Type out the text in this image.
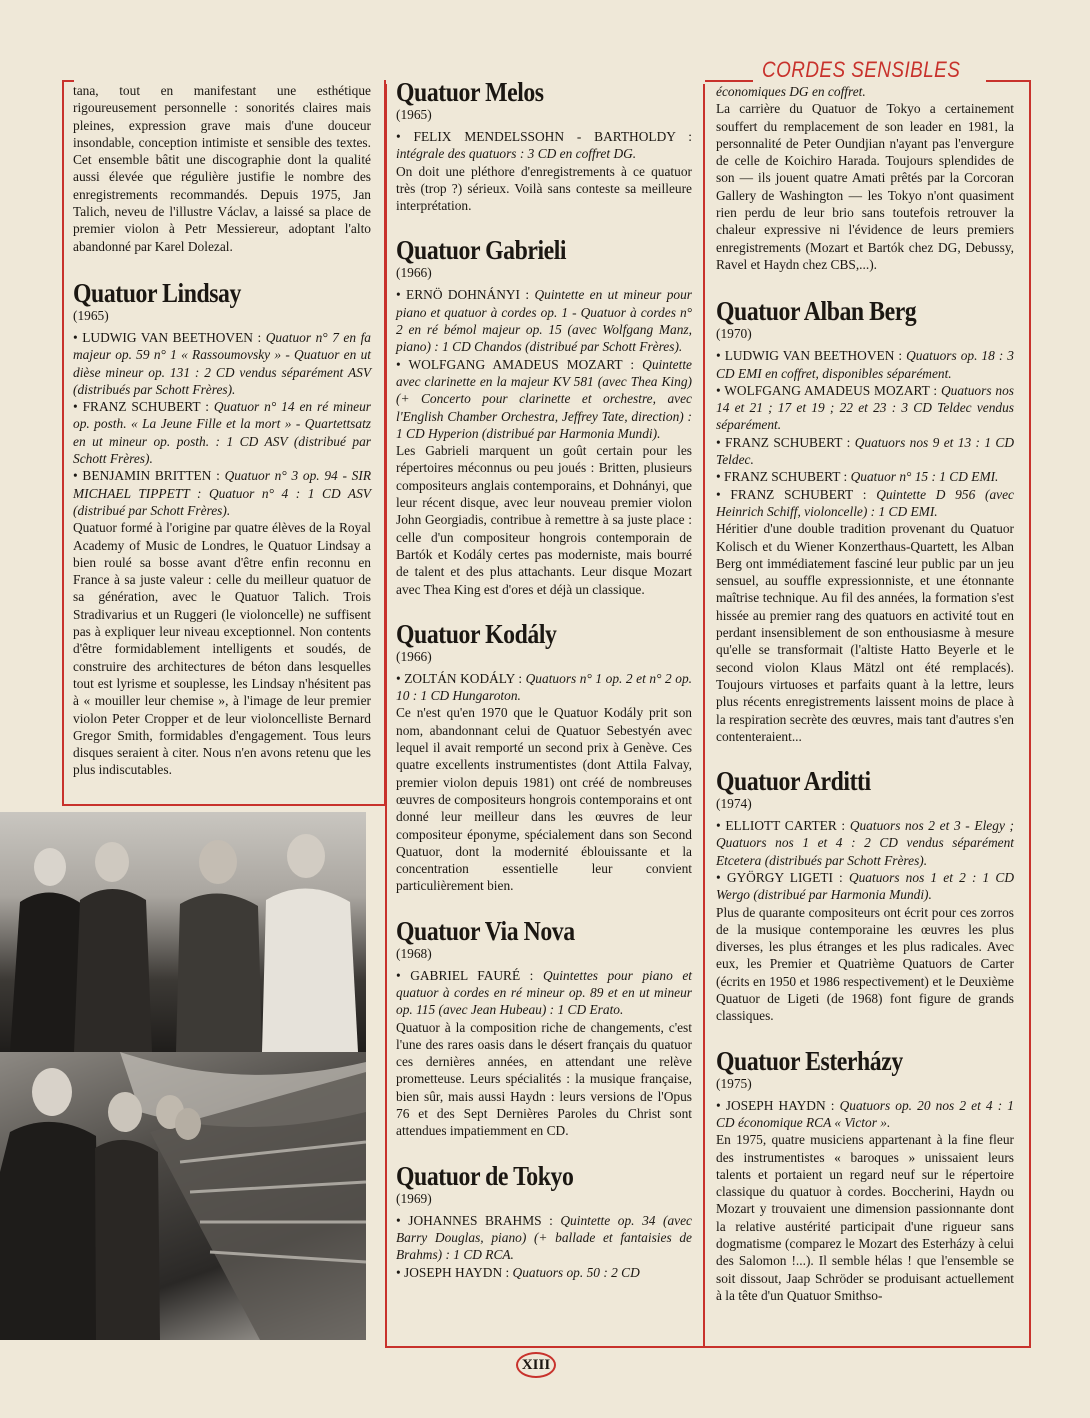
CORDES SENSIBLES
XIII

tana, tout en manifestant une esthétique rigoureusement personnelle : sonorités claires mais pleines, expression grave mais d'une douceur insondable, conception intimiste et sensible des textes. Cet ensemble bâtit une discographie dont la qualité aussi élevée que régulière justifie le nombre des enregistrements recommandés. Depuis 1975, Jan Talich, neveu de l'illustre Václav, a laissé sa place de premier violon à Petr Messiereur, adoptant l'alto abandonné par Karel Dolezal.

Quatuor Lindsay
(1965)

• LUDWIG VAN BEETHOVEN : Quatuor n° 7 en fa majeur op. 59 n° 1 « Rassoumovsky » - Quatuor en ut dièse mineur op. 131 : 2 CD vendus séparément ASV (distribués par Schott Frères).

• FRANZ SCHUBERT : Quatuor n° 14 en ré mineur op. posth. « La Jeune Fille et la mort » - Quartettsatz en ut mineur op. posth. : 1 CD ASV (distribué par Schott Frères).

• BENJAMIN BRITTEN : Quatuor n° 3 op. 94 - SIR MICHAEL TIPPETT : Quatuor n° 4 : 1 CD ASV (distribué par Schott Frères).

Quatuor formé à l'origine par quatre élèves de la Royal Academy of Music de Londres, le Quatuor Lindsay a bien roulé sa bosse avant d'être enfin reconnu en France à sa juste valeur : celle du meilleur quatuor de sa génération, avec le Quatuor Talich. Trois Stradivarius et un Ruggeri (le violoncelle) ne suffisent pas à expliquer leur niveau exceptionnel. Non contents d'être formidablement intelligents et soudés, de construire des architectures de béton dans lesquelles tout est lyrisme et souplesse, les Lindsay n'hésitent pas à « mouiller leur chemise », à l'image de leur premier violon Peter Cropper et de leur violoncelliste Bernard Gregor Smith, formidables d'engagement. Tous leurs disques seraient à citer. Nous n'en avons retenu que les plus indiscutables.

Quatuor Melos
(1965)

• FELIX MENDELSSOHN - BARTHOLDY : intégrale des quatuors : 3 CD en coffret DG.

On doit une pléthore d'enregistrements à ce quatuor très (trop ?) sérieux. Voilà sans conteste sa meilleure interprétation.

Quatuor Gabrieli
(1966)

• ERNÖ DOHNÁNYI : Quintette en ut mineur pour piano et quatuor à cordes op. 1 - Quatuor à cordes n° 2 en ré bémol majeur op. 15 (avec Wolfgang Manz, piano) : 1 CD Chandos (distribué par Schott Frères).

• WOLFGANG AMADEUS MOZART : Quintette avec clarinette en la majeur KV 581 (avec Thea King) (+ Concerto pour clarinette et orchestre, avec l'English Chamber Orchestra, Jeffrey Tate, direction) : 1 CD Hyperion (distribué par Harmonia Mundi).

Les Gabrieli marquent un goût certain pour les répertoires méconnus ou peu joués : Britten, plusieurs compositeurs anglais contemporains, et Dohnányi, que leur récent disque, avec leur nouveau premier violon John Georgiadis, contribue à remettre à sa juste place : celle d'un compositeur hongrois contemporain de Bartók et Kodály certes pas moderniste, mais bourré de talent et des plus attachants. Leur disque Mozart avec Thea King est d'ores et déjà un classique.

Quatuor Kodály
(1966)

• ZOLTÁN KODÁLY : Quatuors n° 1 op. 2 et n° 2 op. 10 : 1 CD Hungaroton.

Ce n'est qu'en 1970 que le Quatuor Kodály prit son nom, abandonnant celui de Quatuor Sebestyén avec lequel il avait remporté un second prix à Genève. Ces quatre excellents instrumentistes (dont Attila Falvay, premier violon depuis 1981) ont créé de nombreuses œuvres de compositeurs hongrois contemporains et ont donné leur meilleur dans les œuvres de leur compositeur éponyme, spécialement dans son Second Quatuor, dont la modernité éblouissante et la concentration essentielle leur convient particulièrement bien.

Quatuor Via Nova
(1968)

• GABRIEL FAURÉ : Quintettes pour piano et quatuor à cordes en ré mineur op. 89 et en ut mineur op. 115 (avec Jean Hubeau) : 1 CD Erato.

Quatuor à la composition riche de changements, c'est l'une des rares oasis dans le désert français du quatuor ces dernières années, en attendant une relève prometteuse. Leurs spécialités : la musique française, bien sûr, mais aussi Haydn : leurs versions de l'Opus 76 et des Sept Dernières Paroles du Christ sont attendues impatiemment en CD.

Quatuor de Tokyo
(1969)

• JOHANNES BRAHMS : Quintette op. 34 (avec Barry Douglas, piano) (+ ballade et fantaisies de Brahms) : 1 CD RCA.

• JOSEPH HAYDN : Quatuors op. 50 : 2 CD

économiques DG en coffret.

La carrière du Quatuor de Tokyo a certainement souffert du remplacement de son leader en 1981, la personnalité de Peter Oundjian n'ayant pas l'envergure de celle de Koichiro Harada. Toujours splendides de son — ils jouent quatre Amati prêtés par la Corcoran Gallery de Washington — les Tokyo n'ont quasiment rien perdu de leur brio sans toutefois retrouver la chaleur expressive ni l'évidence de leurs premiers enregistrements (Mozart et Bartók chez DG, Debussy, Ravel et Haydn chez CBS,...).

Quatuor Alban Berg
(1970)

• LUDWIG VAN BEETHOVEN : Quatuors op. 18 : 3 CD EMI en coffret, disponibles séparément.

• WOLFGANG AMADEUS MOZART : Quatuors nos 14 et 21 ; 17 et 19 ; 22 et 23 : 3 CD Teldec vendus séparément.

• FRANZ SCHUBERT : Quatuors nos 9 et 13 : 1 CD Teldec.

• FRANZ SCHUBERT : Quatuor n° 15 : 1 CD EMI.

• FRANZ SCHUBERT : Quintette D 956 (avec Heinrich Schiff, violoncelle) : 1 CD EMI.

Héritier d'une double tradition provenant du Quatuor Kolisch et du Wiener Konzerthaus-Quartett, les Alban Berg ont immédiatement fasciné leur public par un jeu sensuel, au souffle expressionniste, et une étonnante maîtrise technique. Au fil des années, la formation s'est hissée au premier rang des quatuors en activité tout en perdant insensiblement de son enthousiasme à mesure qu'elle se transformait (l'altiste Hatto Beyerle et le second violon Klaus Mätzl ont été remplacés). Toujours virtuoses et parfaits quant à la lettre, leurs plus récents enregistrements laissent moins de place à la respiration secrète des œuvres, mais tant d'autres s'en contenteraient...

Quatuor Arditti
(1974)

• ELLIOTT CARTER : Quatuors nos 2 et 3 - Elegy ; Quatuors nos 1 et 4 : 2 CD vendus séparément Etcetera (distribués par Schott Frères).

• GYÖRGY LIGETI : Quatuors nos 1 et 2 : 1 CD Wergo (distribué par Harmonia Mundi).

Plus de quarante compositeurs ont écrit pour ces zorros de la musique contemporaine les œuvres les plus diverses, les plus étranges et les plus radicales. Avec eux, les Premier et Quatrième Quatuors de Carter (écrits en 1950 et 1986 respectivement) et le Deuxième Quatuor de Ligeti (de 1968) font figure de grands classiques.

Quatuor Esterházy
(1975)

• JOSEPH HAYDN : Quatuors op. 20 nos 2 et 4 : 1 CD économique RCA « Victor ».

En 1975, quatre musiciens appartenant à la fine fleur des instrumentistes « baroques » unissaient leurs talents et portaient un regard neuf sur le répertoire classique du quatuor à cordes. Boccherini, Haydn ou Mozart y trouvaient une dimension passionnante dont la relative austérité participait d'une rigueur sans dogmatisme (comparez le Mozart des Esterházy à celui des Salomon !...). Il semble hélas ! que l'ensemble se soit dissout, Jaap Schröder se produisant actuellement à la tête d'un Quatuor Smithso-
